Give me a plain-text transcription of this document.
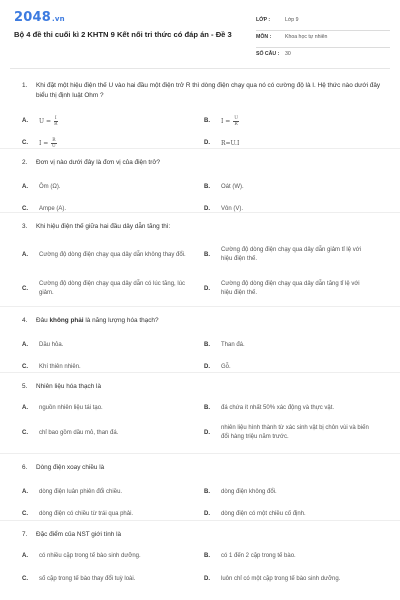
2048.vn
Bộ 4 đề thi cuối kì 2 KHTN 9 Kết nối tri thức có đáp án - Đề 3
LỚP :	Lớp 9
MÔN :	Khoa học tự nhiên
SỐ CÂU : 30
1. Khi đặt một hiệu điện thế U vào hai đầu một điện trở R thì dòng điện chạy qua nó có cường độ là I. Hệ thức nào dưới đây biểu thị định luật Ohm ?
A. $U = \frac{I}{R}$	B. $I = \frac{U}{R}$
C. $I = \frac{R}{U}$	D. R=U.I
2. Đơn vị nào dưới đây là đơn vị của điện trở?
A. Ôm (Ω).	B. Oát (W).
C. Ampe (A).	D. Vôn (V).
3. Khi hiệu điện thế giữa hai đầu dây dẫn tăng thì:
A. Cường độ dòng điện chạy qua dây dẫn không thay đổi.	B.
Cường độ dòng điện chạy qua dây dẫn giảm tỉ lệ với hiệu điện thế.
C.
Cường độ dòng điện chạy qua dây dẫn có lúc tăng, lúc giảm.
D.
Cường độ dòng điện chạy qua dây dẫn tăng tỉ lệ với hiệu điện thế.
4. Đâu không phải là năng lượng hóa thạch?
A. Dầu hỏa.	B. Than đá.
C. Khí thiên nhiên.	D. Gỗ.
5. Nhiên liệu hóa thạch là
A. nguồn nhiên liệu tái tạo.	B. đá chứa ít nhất 50% xác động và thực vật.
C. chỉ bao gồm dầu mỏ, than đá.	D.
nhiên liệu hình thành từ xác sinh vật bị chôn vùi và biến đổi hàng triệu năm trước.
6. Dòng điện xoay chiều là
A. dòng điện luân phiên đổi chiều.	B. dòng điện không đổi.
C. dòng điện có chiều từ trái qua phải.	D. dòng điện có một chiều cố định.
7. Đặc điểm của NST giới tính là
A. có nhiều cặp trong tế bào sinh dưỡng.	B. có 1 đến 2 cặp trong tế bào.
C. số cặp trong tế bào thay đổi tuỳ loài.	D. luôn chỉ có một cặp trong tế bào sinh dưỡng.
